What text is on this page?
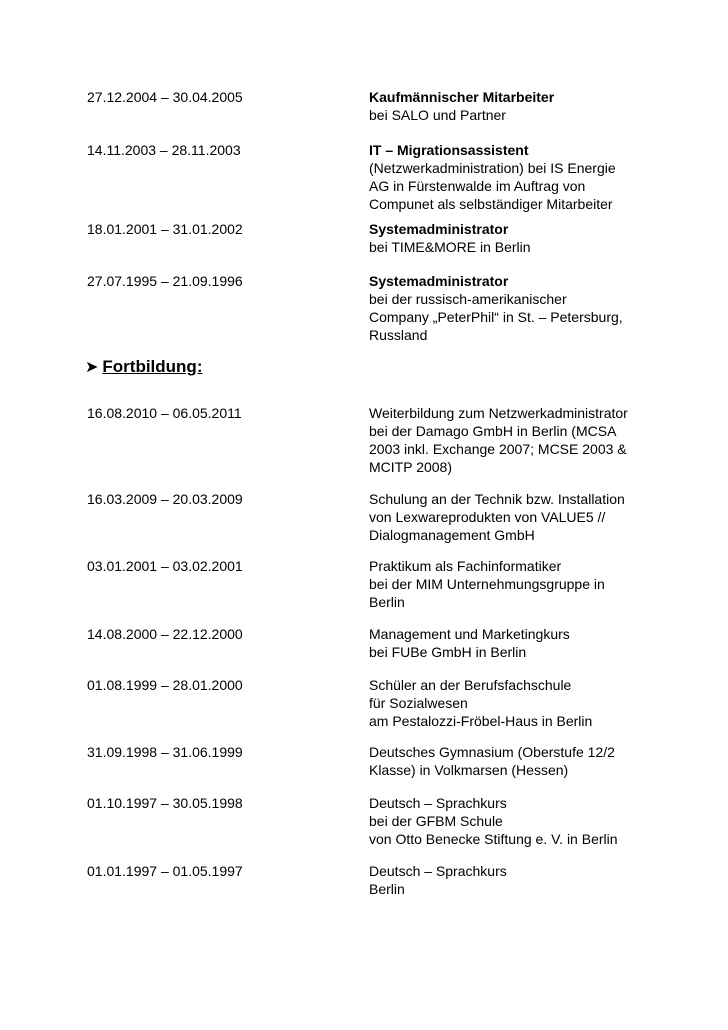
27.12.2004 – 30.04.2005	Kaufmännischer Mitarbeiter
bei SALO und Partner
14.11.2003 – 28.11.2003	IT – Migrationsassistent
(Netzwerkadministration) bei IS Energie
AG in Fürstenwalde im Auftrag von
Compunet als selbständiger Mitarbeiter
18.01.2001 – 31.01.2002	Systemadministrator
bei TIME&MORE in Berlin
27.07.1995 – 21.09.1996	Systemadministrator
bei der russisch-amerikanischer
Company „PeterPhil“ in St. – Petersburg,
Russland
➤ Fortbildung:
16.08.2010 – 06.05.2011	Weiterbildung zum Netzwerkadministrator
bei der Damago GmbH in Berlin (MCSA
2003 inkl. Exchange 2007; MCSE 2003 &
MCITP 2008)
16.03.2009 – 20.03.2009	Schulung an der Technik bzw. Installation
von Lexwareprodukten von VALUE5 //
Dialogmanagement GmbH
03.01.2001 – 03.02.2001	Praktikum als Fachinformatiker
bei der MIM Unternehmungsgruppe in
Berlin
14.08.2000 – 22.12.2000	Management und Marketingkurs
bei FUBe GmbH in Berlin
01.08.1999 – 28.01.2000	Schüler an der Berufsfachschule
für Sozialwesen
am Pestalozzi-Fröbel-Haus in Berlin
31.09.1998 – 31.06.1999	Deutsches Gymnasium (Oberstufe 12/2
Klasse) in Volkmarsen (Hessen)
01.10.1997 – 30.05.1998	Deutsch – Sprachkurs
bei der GFBM Schule
von Otto Benecke Stiftung e. V. in Berlin
01.01.1997 – 01.05.1997	Deutsch – Sprachkurs
Berlin
